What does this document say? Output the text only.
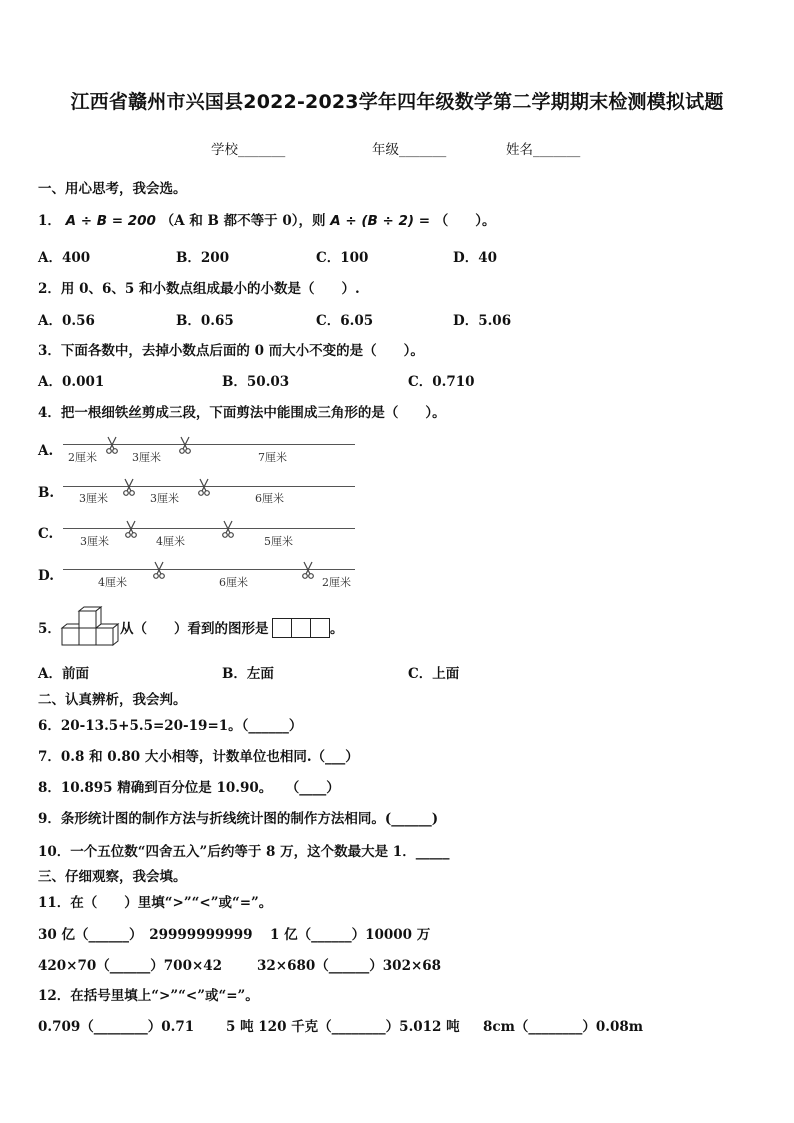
江西省赣州市兴国县2022-2023学年四年级数学第二学期期末检测模拟试题
学校_______	年级_______	姓名_______
一、用心思考，我会选。
1． A ÷ B = 200 （A 和 B 都不等于 0），则 A ÷ (B ÷ 2) = （　　）。
A．400	B．200	C．100	D．40
2．用 0、6、5 和小数点组成最小的小数是（　　）.
A．0.56	B．0.65	C．6.05	D．5.06
3．下面各数中，去掉小数点后面的 0 而大小不变的是（　　）。
A．0.001	B．50.03	C．0.710
4．把一根细铁丝剪成三段，下面剪法中能围成三角形的是（　　）。
A. 2厘米	3厘米	7厘米
B. 3厘米	3厘米	6厘米
C. 3厘米	4厘米	5厘米
D.	4厘米	6厘米	2厘米
5．	从（　　）看到的图形是	。
A．前面	B．左面	C．上面
二、认真辨析，我会判。
6．20-13.5+5.5=20-19=1。（______）
7．0.8 和 0.80 大小相等，计数单位也相同.（___）
8．10.895 精确到百分位是 10.90。　　（____）
9．条形统计图的制作方法与折线统计图的制作方法相同。(______)
10．一个五位数“四舍五入”后约等于 8 万，这个数最大是 1．_____
三、仔细观察，我会填。
11．在（　　）里填“>”“<”或“=”。
30 亿（______）　29999999999 1 亿（______）10000 万
420×70（______）700×42	32×680（______）302×68
12．在括号里填上“>”“<”或“=”。
0.709（________）0.71 5 吨 120 千克（________）5.012 吨 8cm（________）0.08m
